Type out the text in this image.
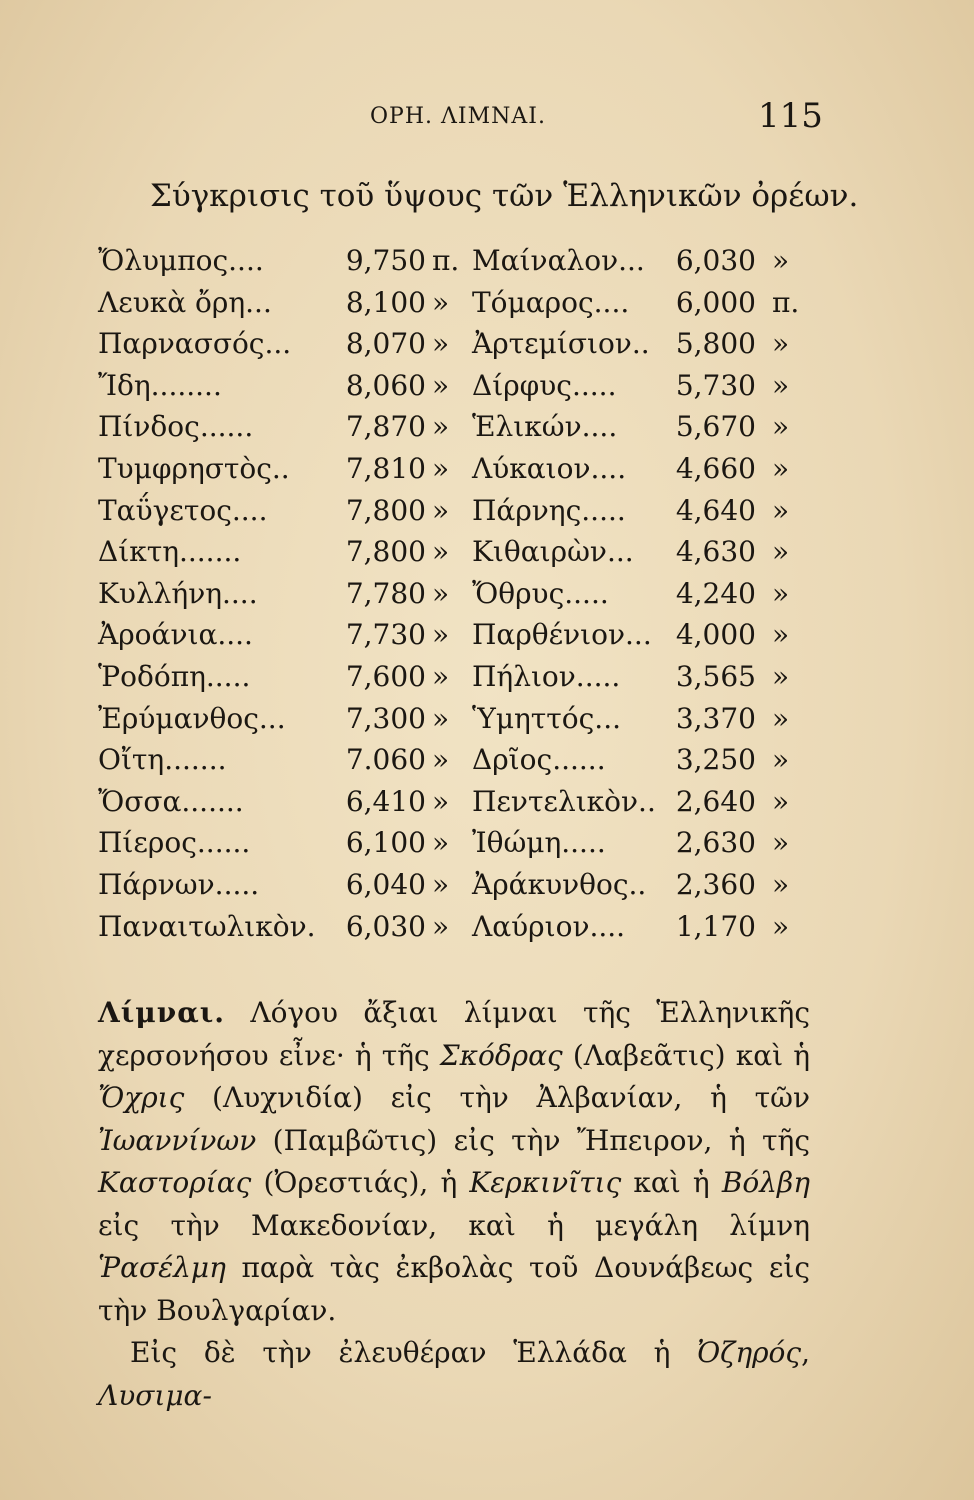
ΟΡΗ. ΛΙΜΝΑΙ.	115
Σύγκρισις τοῦ ὕψους τῶν Ἑλληνικῶν ὀρέων.
Ὄλυμπος....	9,750 π. Μαίναλον...	6,030 »
Λευκὰ ὄρη...	8,100 » Τόμαρος....	6,000 π.
Παρνασσός...	8,070 » Ἀρτεμίσιον.. 5,800 »
Ἴδη........	8,060 » Δίρφυς.....	5,730 »
Πίνδος......	7,870 » Ἑλικών....	5,670 »
Τυμφρηστὸς..	7,810 » Λύκαιον....	4,660 »
Ταΰγετος....	7,800 » Πάρνης.....	4,640 »
Δίκτη.......	7,800 » Κιθαιρὼν...	4,630 »
Κυλλήνη....	7,780 » Ὄθρυς.....	4,240 »
Ἀροάνια....	7,730 » Παρθένιον... 4,000 »
Ῥοδόπη.....	7,600 » Πήλιον.....	3,565 »
Ἐρύμανθος...	7,300 » Ὑμηττός...	3,370 »
Οἴτη.......	7.060 » Δρῖος......	3,250 »
Ὄσσα.......	6,410 » Πεντελικὸν.. 2,640 »
Πίερος......	6,100 » Ἰθώμη.....	2,630 »
Πάρνων.....	6,040 » Ἀράκυνθος..	2,360 »
Παναιτωλικὸν.	6,030 » Λαύριον....	1,170 »

Λίμναι. Λόγου ἄξιαι λίμναι τῆς Ἑλληνικῆς χερσονήσου εἶνε· ἡ τῆς Σκόδρας (Λαβεᾶτις) καὶ ἡ Ὄχρις (Λυχνιδία) εἰς τὴν Ἀλβανίαν, ἡ τῶν Ἰωαννίνων (Παμβῶτις) εἰς τὴν Ἤπειρον, ἡ τῆς Καστορίας (Ὀρεστιάς), ἡ Κερκινῖτις καὶ ἡ Βόλβη εἰς τὴν Μακεδονίαν, καὶ ἡ μεγάλη λίμνη Ῥασέλμη παρὰ τὰς ἐκβολὰς τοῦ Δουνάβεως εἰς τὴν Βουλγαρίαν.

Εἰς δὲ τὴν ἐλευθέραν Ἑλλάδα ἡ Ὀζηρός, Λυσιμα-
